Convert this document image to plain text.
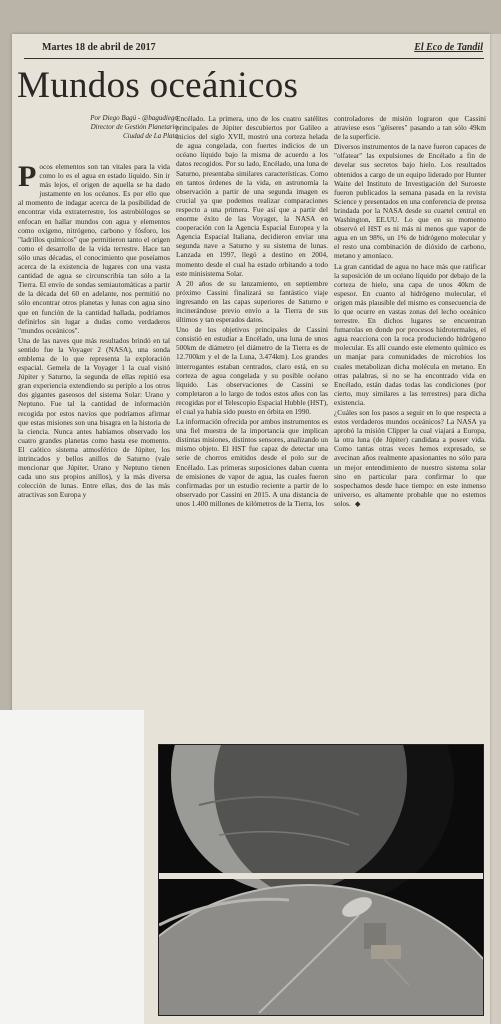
Martes 18 de abril de 2017	El Eco de Tandil
Mundos oceánicos
Por Diego Bagú - @bagudiego Director de Gestión Planetario Ciudad de La Plata

Pocos elementos son tan vitales para la vida como lo es el agua en estado líquido. Sin ir más lejos, el origen de aquella se ha dado justamente en los océanos. Es por ello que al momento de indagar acerca de la posibilidad de encontrar vida extraterrestre, los astrobiólogos se enfocan en hallar mundos con agua y elementos como oxígeno, nitrógeno, carbono y fósforo, los "ladrillos químicos" que permitieron tanto el origen como el desarrollo de la vida terrestre. Hace tan sólo unas décadas, el conocimiento que poseíamos acerca de la existencia de lugares con una vasta cantidad de agua se circunscribía tan sólo a la Tierra. El envío de sondas semiautomáticas a partir de la década del 60 en adelante, nos permitió no sólo encontrar otros planetas y lunas con agua sino que en función de la cantidad hallada, podríamos definirlos sin lugar a dudas como verdaderos "mundos oceánicos".

Una de las naves que más resultados brindó en tal sentido fue la Voyager 2 (NASA), una sonda emblema de lo que representa la exploración espacial. Gemela de la Voyager 1 la cual visitó Júpiter y Saturno, la segunda de ellas repitió esa gran experiencia extendiendo su periplo a los otros dos gigantes gaseosos del sistema Solar: Urano y Neptuno. Fue tal la cantidad de información recogida por estos navíos que podríamos afirmar que estas misiones son una bisagra en la historia de la ciencia. Nunca antes habíamos observado los cuatro grandes planetas como hasta ese momento. El caótico sistema atmosférico de Júpiter, los intrincados y bellos anillos de Saturno (vale mencionar que Júpiter, Urano y Neptuno tienen cada uno sus propios anillos), y la más diversa colección de lunas. Entre ellas, dos de las más atractivas son Europa y

Encélado. La primera, uno de los cuatro satélites principales de Júpiter descubiertos por Galileo a inicios del siglo XVII, mostró una corteza helada de agua congelada, con fuertes indicios de un océano líquido bajo la misma de acuerdo a los datos recogidos. Por su lado, Encélado, una luna de Saturno, presentaba similares características. Como en tantos órdenes de la vida, en astronomía la observación a partir de una segunda imagen es crucial ya que podemos realizar comparaciones respecto a una primera. Fue así que a partir del enorme éxito de las Voyager, la NASA en cooperación con la Agencia Espacial Europea y la Agencia Espacial Italiana, decidieron enviar una segunda nave a Saturno y su sistema de lunas. Lanzada en 1997, llegó a destino en 2004, momento desde el cual ha estado orbitando a todo este minisistema Solar.

A 20 años de su lanzamiento, en septiembre próximo Cassini finalizará su fantástico viaje ingresando en las capas superiores de Saturno e incinerándose previo envío a la Tierra de sus últimos y tan esperados datos.

Uno de los objetivos principales de Cassini consistió en estudiar a Encélado, una luna de unos 500km de diámetro (el diámetro de la Tierra es de 12.700km y el de la Luna, 3.474km). Los grandes interrogantes estaban centrados, claro está, en su corteza de agua congelada y su posible océano líquido. Las observaciones de Cassini se completaron a lo largo de todos estos años con las recogidas por el Telescopio Espacial Hubble (HST), el cual ya había sido puesto en órbita en 1990.

La información ofrecida por ambos instrumentos es una fiel muestra de la importancia que implican distintas misiones, distintos sensores, analizando un mismo objeto. El HST fue capaz de detectar una serie de chorros emitidos desde el polo sur de Encélado. Las primeras suposiciones daban cuenta de emisiones de vapor de agua, las cuales fueron confirmadas por un estudio reciente a partir de lo observado por Cassini en 2015. A una distancia de unos 1.400 millones de kilómetros de la Tierra, los

controladores de misión lograron que Cassini atraviese esos "géiseres" pasando a tan sólo 49km de la superficie.

Diversos instrumentos de la nave fueron capaces de "olfatear" las expulsiones de Encélado a fin de develar sus secretos bajo hielo. Los resultados obtenidos a cargo de un equipo liderado por Hunter Waite del Instituto de Investigación del Suroeste fueron publicados la semana pasada en la revista Science y presentados en una conferencia de prensa brindada por la NASA desde su cuartel central en Washington, EE.UU. Lo que en su momento observó el HST es ni más ni menos que vapor de agua en un 98%, un 1% de hidrógeno molecular y el resto una combinación de dióxido de carbono, metano y amoníaco.

La gran cantidad de agua no hace más que ratificar la suposición de un océano líquido por debajo de la corteza de hielo, una capa de unos 40km de espesor. En cuanto al hidrógeno molecular, el origen más plausible del mismo es consecuencia de lo que ocurre en vastas zonas del lecho oceánico terrestre. En dichos lugares se encuentran fumarolas en donde por procesos hidrotermales, el agua reacciona con la roca produciendo hidrógeno molecular. Es allí cuando este elemento químico es un manjar para comunidades de microbios los cuales metabolizan dicha molécula en metano. En otras palabras, si no se ha encontrado vida en Encélado, están dadas todas las condiciones (por cierto, muy similares a las terrestres) para dicha existencia.

¿Cuáles son los pasos a seguir en lo que respecta a estos verdaderos mundos oceánicos? La NASA ya aprobó la misión Clipper la cual viajará a Europa, la otra luna (de Júpiter) candidata a poseer vida. Como tantas otras veces hemos expresado, se avecinan años realmente apasionantes no sólo para un mejor entendimiento de nuestro sistema solar sino en particular para confirmar lo que sospechamos desde hace tiempo: en este inmenso universo, es altamente probable que no estemos solos. ◆
